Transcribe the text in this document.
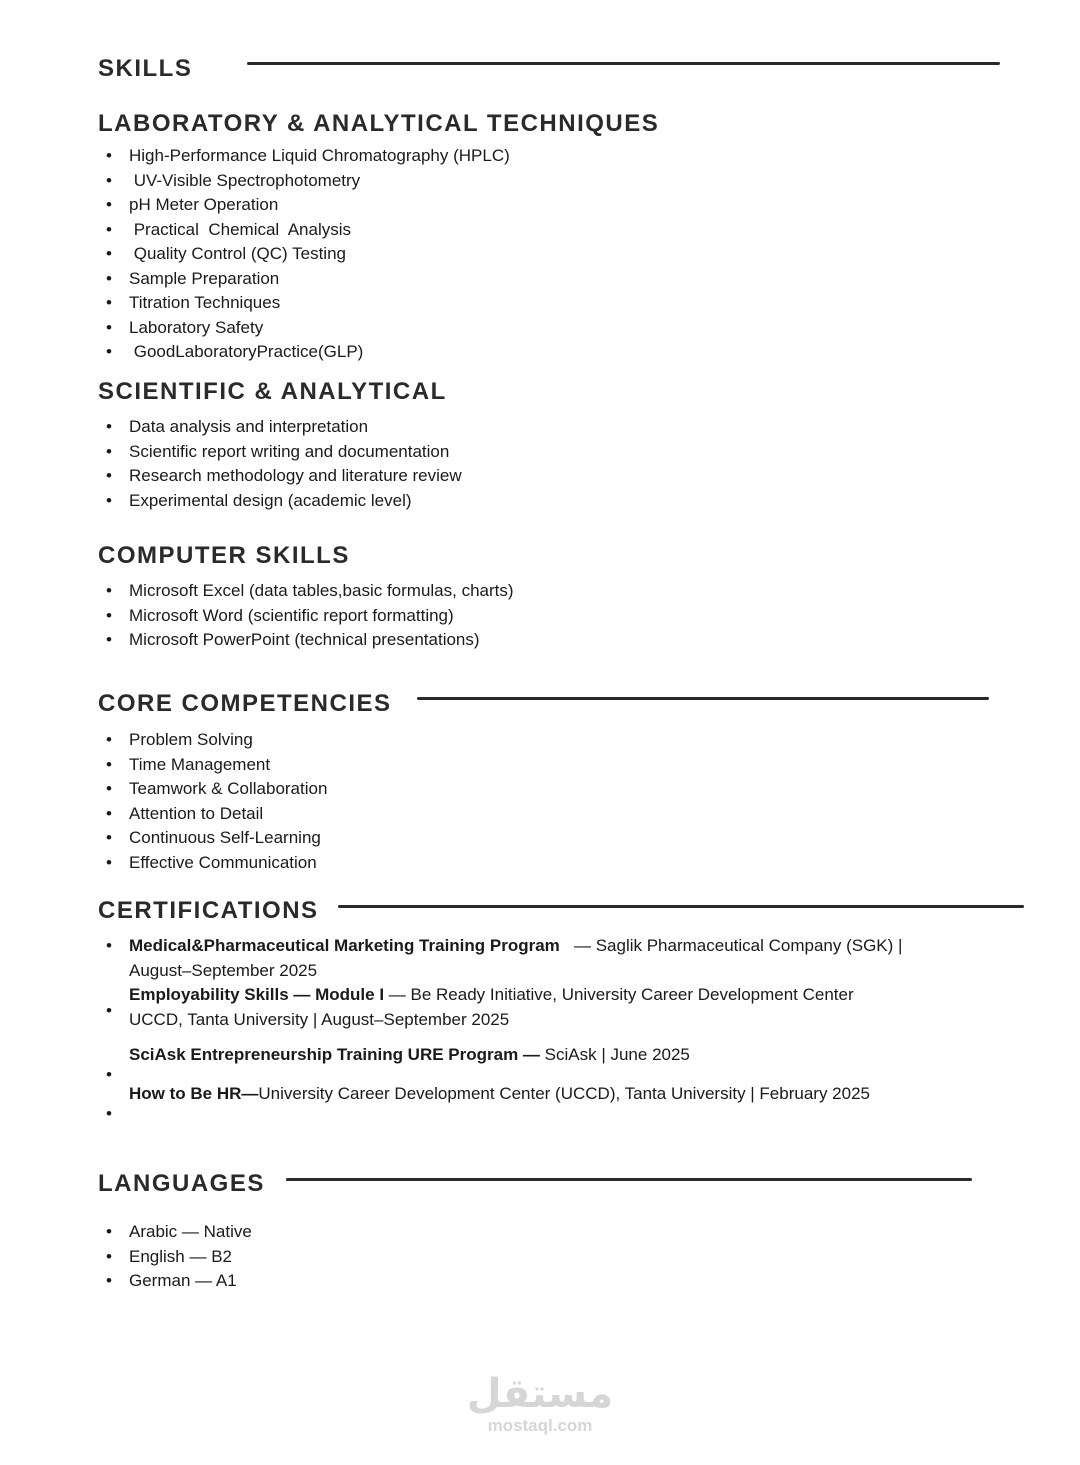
SKILLS
LABORATORY & ANALYTICAL TECHNIQUES
• High-Performance Liquid Chromatography (HPLC)
•  UV-Visible Spectrophotometry
• pH Meter Operation
•  Practical  Chemical  Analysis
•  Quality Control (QC) Testing
• Sample Preparation
• Titration Techniques
• Laboratory Safety
•  GoodLaboratoryPractice(GLP)
SCIENTIFIC & ANALYTICAL
• Data analysis and interpretation
• Scientific report writing and documentation
• Research methodology and literature review
• Experimental design (academic level)
COMPUTER SKILLS
• Microsoft Excel (data tables,basic formulas, charts)
• Microsoft Word (scientific report formatting)
• Microsoft PowerPoint (technical presentations)
CORE COMPETENCIES
• Problem Solving
• Time Management
• Teamwork & Collaboration
• Attention to Detail
• Continuous Self-Learning
• Effective Communication
CERTIFICATIONS
• Medical&Pharmaceutical Marketing Training Program   — Saglik Pharmaceutical Company (SGK) |
August–September 2025
Employability Skills — Module I — Be Ready Initiative, University Career Development Center
UCCD, Tanta University | August–September 2025
•
SciAsk Entrepreneurship Training URE Program — SciAsk | June 2025
•
How to Be HR—University Career Development Center (UCCD), Tanta University | February 2025
•
LANGUAGES
• Arabic — Native
• English — B2
• German — A1
مستقل
mostaql.com
